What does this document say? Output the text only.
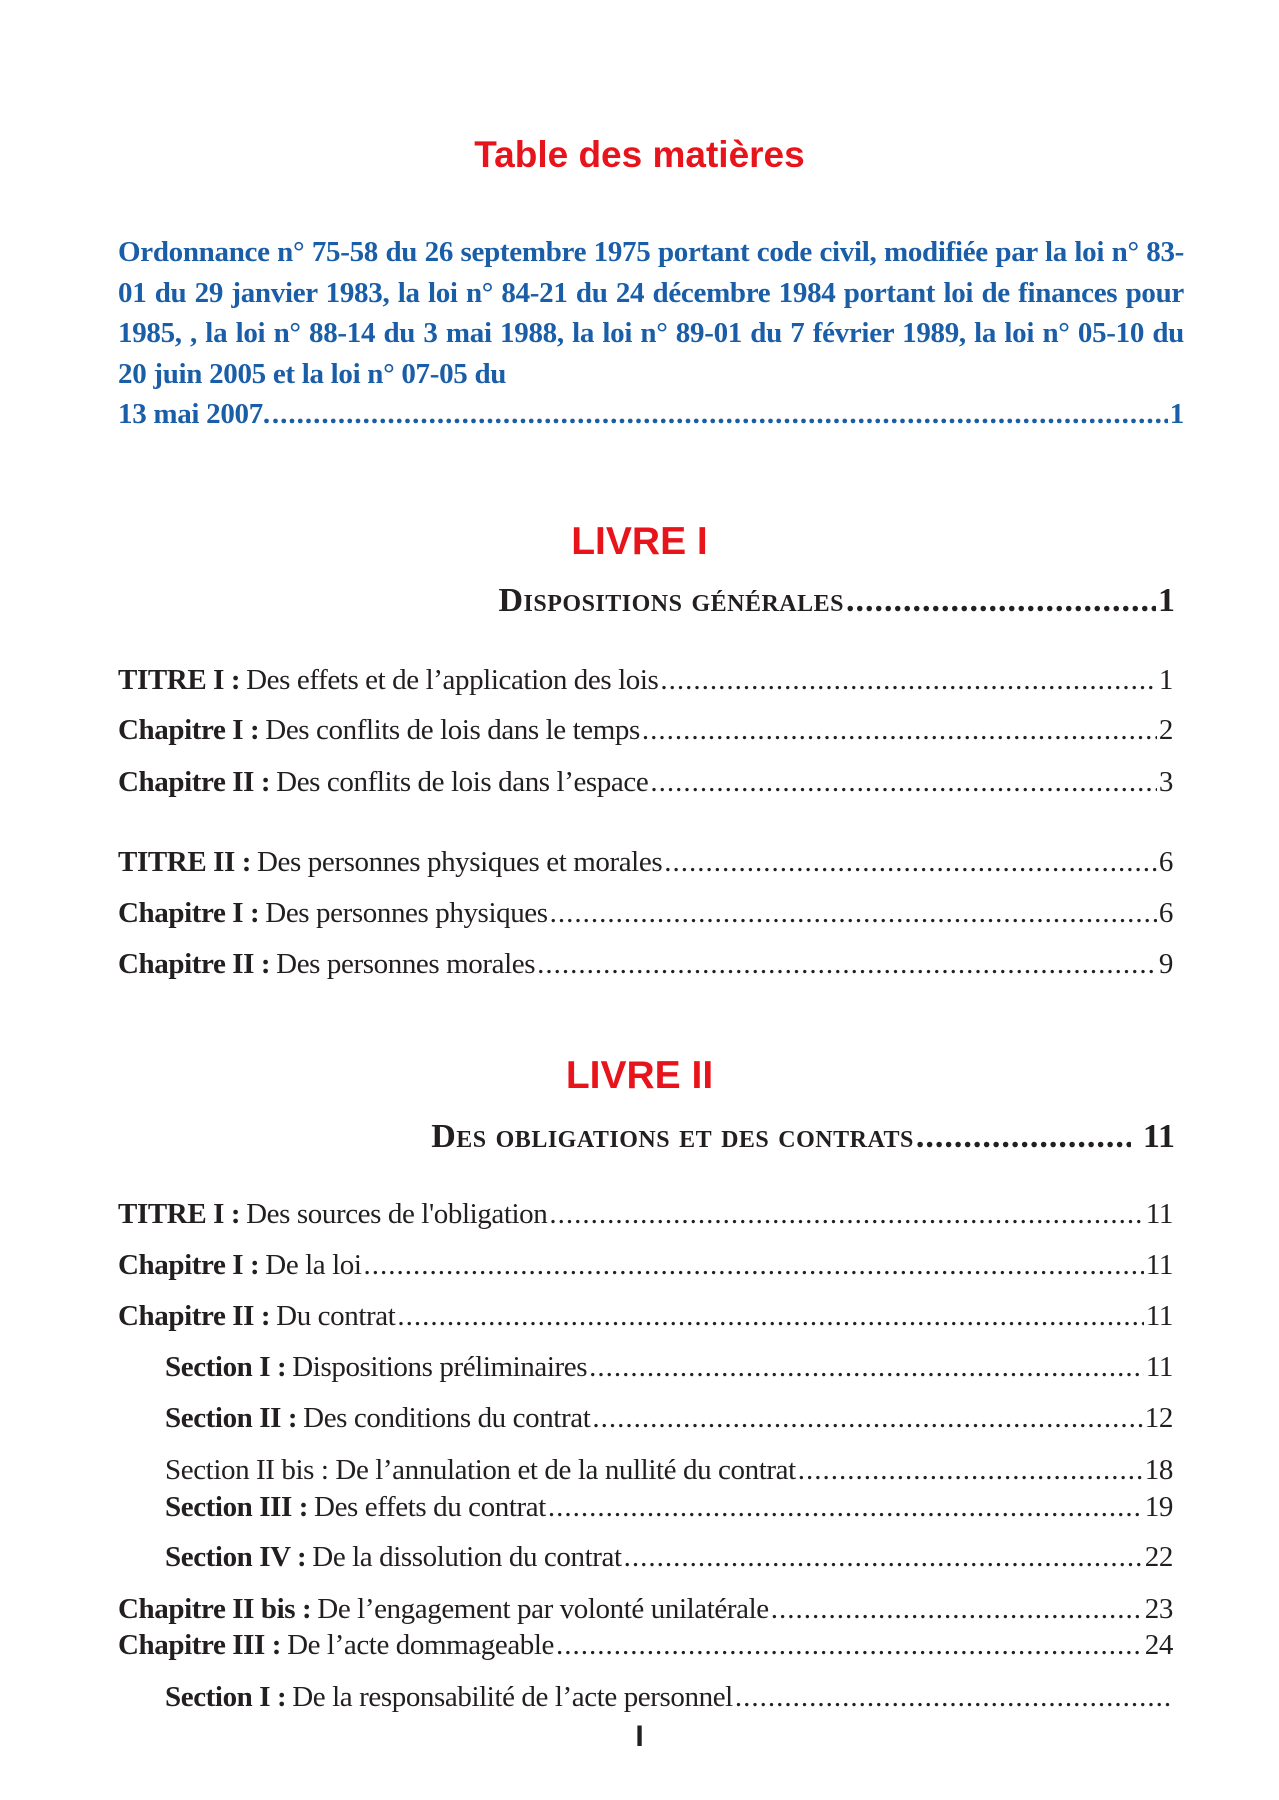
Table des matières
Ordonnance n° 75-58 du 26 septembre 1975 portant code civil, modifiée par la loi n° 83-01 du 29 janvier 1983, la loi n° 84-21 du 24 décembre 1984 portant loi de finances pour 1985, , la loi n° 88-14 du 3 mai 1988, la loi n° 89-01 du 7 février 1989, la loi n° 05-10 du 20 juin 2005 et la loi n° 07-05 du
13 mai 2007. .....	1
LIVRE I
Dispositions générales .....	1
TITRE I : Des effets et de l’application des lois .....	1
Chapitre I : Des conflits de lois dans le temps .....	2
Chapitre II : Des conflits de lois dans l’espace .....	3
TITRE II : Des personnes physiques et morales .....	6
Chapitre I : Des personnes physiques .....	6
Chapitre II : Des personnes morales .....	9
LIVRE II
Des obligations et des contrats .....	11
TITRE I : Des sources de l'obligation .....	11
Chapitre I : De la loi .....	11
Chapitre II : Du contrat .....	11
Section I : Dispositions préliminaires .....	11
Section II : Des conditions du contrat .....	12
Section II bis : De l’annulation et de la nullité du contrat .....	18
Section III : Des effets du contrat .....	19
Section IV : De la dissolution du contrat .....	22
Chapitre II bis : De l’engagement par volonté unilatérale .....	23
Chapitre III : De l’acte dommageable .....	24
Section I : De la responsabilité de l’acte personnel
.....
I
